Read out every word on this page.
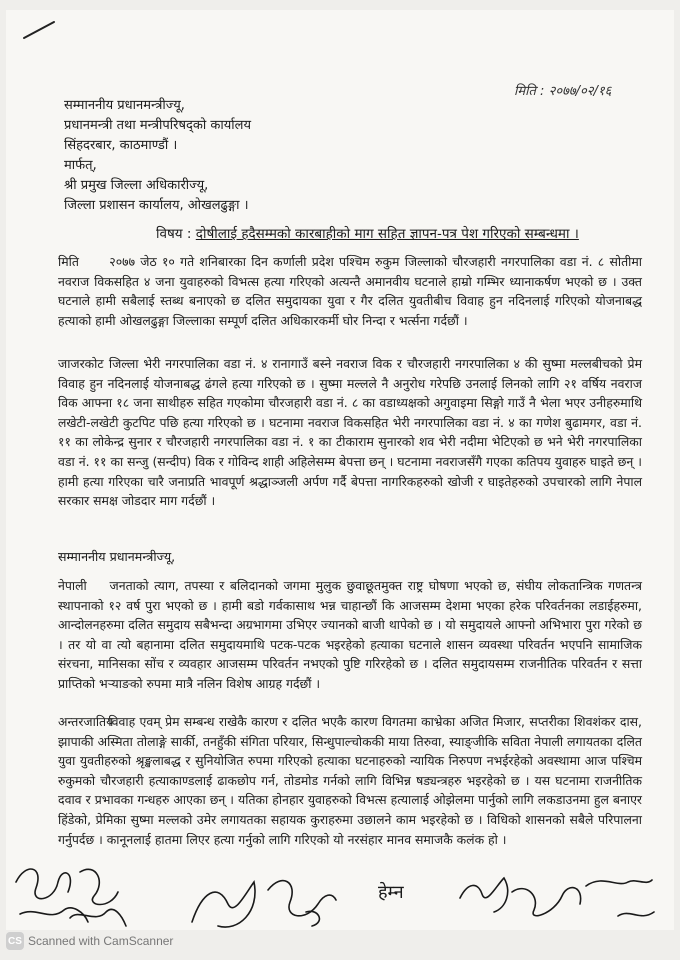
मिति : २०७७/०२/१६
सम्माननीय प्रधानमन्त्रीज्यू,
प्रधानमन्त्री तथा मन्त्रीपरिषद्को कार्यालय
सिंहदरबार, काठमाण्डौं ।
मार्फत्,
श्री प्रमुख जिल्ला अधिकारीज्यू,
जिल्ला प्रशासन कार्यालय, ओखलढुङ्गा ।
विषय : दोषीलाई हदैसम्मको कारबाहीको माग सहित ज्ञापन-पत्र पेश गरिएको सम्बन्धमा ।
मिति २०७७ जेठ १० गते शनिबारका दिन कर्णाली प्रदेश पश्चिम रुकुम जिल्लाको चौरजहारी नगरपालिका वडा नं. ८ सोतीमा नवराज विकसहित ४ जना युवाहरुको विभत्स हत्या गरिएको अत्यन्तै अमानवीय घटनाले हाम्रो गम्भिर ध्यानाकर्षण भएको छ । उक्त घटनाले हामी सबैलाई स्तब्ध बनाएको छ दलित समुदायका युवा र गैर दलित युवतीबीच विवाह हुन नदिनलाई गरिएको योजनाबद्ध हत्याको हामी ओखलढुङ्गा जिल्लाका सम्पूर्ण दलित अधिकारकर्मी घोर निन्दा र भर्त्सना गर्दछौं ।
जाजरकोट जिल्ला भेरी नगरपालिका वडा नं. ४ रानागाउँ बस्ने नवराज विक र चौरजहारी नगरपालिका ४ की सुष्मा मल्लबीचको प्रेम विवाह हुन नदिनलाई योजनाबद्ध ढंगले हत्या गरिएको छ । सुष्मा मल्लले नै अनुरोध गरेपछि उनलाई लिनको लागि २१ वर्षिय नवराज विक आफ्ना १८ जना साथीहरु सहित गएकोमा चौरजहारी वडा नं. ८ का वडाध्यक्षको अगुवाइमा सिङ्गो गाउँ नै भेला भएर उनीहरुमाथि लखेटी-लखेटी कुटपिट पछि हत्या गरिएको छ । घटनामा नवराज विकसहित भेरी नगरपालिका वडा नं. ४ का गणेश बुढामगर, वडा नं. ११ का लोकेन्द्र सुनार र चौरजहारी नगरपालिका वडा नं. १ का टीकाराम सुनारको शव भेरी नदीमा भेटिएको छ भने भेरी नगरपालिका वडा नं. ११ का सन्जु (सन्दीप) विक र गोविन्द शाही अहिलेसम्म बेपत्ता छन् । घटनामा नवराजसँगै गएका कतिपय युवाहरु घाइते छन् । हामी हत्या गरिएका चारै जनाप्रति भावपूर्ण श्रद्धाञ्जली अर्पण गर्दै बेपत्ता नागरिकहरुको खोजी र घाइतेहरुको उपचारको लागि नेपाल सरकार समक्ष जोडदार माग गर्दछौं ।
सम्माननीय प्रधानमन्त्रीज्यू,
नेपाली जनताको त्याग, तपस्या र बलिदानको जगमा मुलुक छुवाछूतमुक्त राष्ट्र घोषणा भएको छ, संघीय लोकतान्त्रिक गणतन्त्र स्थापनाको १२ वर्ष पुरा भएको छ । हामी बडो गर्वकासाथ भन्न चाहान्छौं कि आजसम्म देशमा भएका हरेक परिवर्तनका लडाईहरुमा, आन्दोलनहरुमा दलित समुदाय सबैभन्दा अग्रभागमा उभिएर ज्यानको बाजी थापेको छ । यो समुदायले आफ्नो अभिभारा पुरा गरेको छ । तर यो वा त्यो बहानामा दलित समुदायमाथि पटक-पटक भइरहेको हत्याका घटनाले शासन व्यवस्था परिवर्तन भएपनि सामाजिक संरचना, मानिसका सोंच र व्यवहार आजसम्म परिवर्तन नभएको पुष्टि गरिरहेको छ । दलित समुदायसम्म राजनीतिक परिवर्तन र सत्ता प्राप्तिको भऱ्याङको रुपमा मात्रै नलिन विशेष आग्रह गर्दछौं ।
अन्तरजातिय विवाह एवम् प्रेम सम्बन्ध राखेकै कारण र दलित भएकै कारण विगतमा काभ्रेका अजित मिजार, सप्तरीका शिवशंकर दास, झापाकी अस्मिता तोलाङ्गे सार्की, तनहुँकी संगिता परियार, सिन्धुपाल्चोककी माया तिरुवा, स्याङ्जीकि सविता नेपाली लगायतका दलित युवा युवतीहरुको श्रृङ्खलाबद्ध र सुनियोजित रुपमा गरिएको हत्याका घटनाहरुको न्यायिक निरुपण नभईरहेको अवस्थामा आज पश्चिम रुकुमको चौरजहारी हत्याकाण्डलाई ढाकछोप गर्न, तोडमोड गर्नको लागि विभिन्न षड्यन्त्रहरु भइरहेको छ । यस घटनामा राजनीतिक दवाव र प्रभावका गन्धहरु आएका छन् । यतिका होनहार युवाहरुको विभत्स हत्यालाई ओझेलमा पार्नुको लागि लकडाउनमा हुल बनाएर हिंडेको, प्रेमिका सुष्मा मल्लको उमेर लगायतका सहायक कुराहरुमा उछालने काम भइरहेको छ । विधिको शासनको सबैले परिपालना गर्नुपर्दछ । कानूनलाई हातमा लिएर हत्या गर्नुको लागि गरिएको यो नरसंहार मानव समाजकै कलंक हो ।
हेम्न
CS Scanned with CamScanner
